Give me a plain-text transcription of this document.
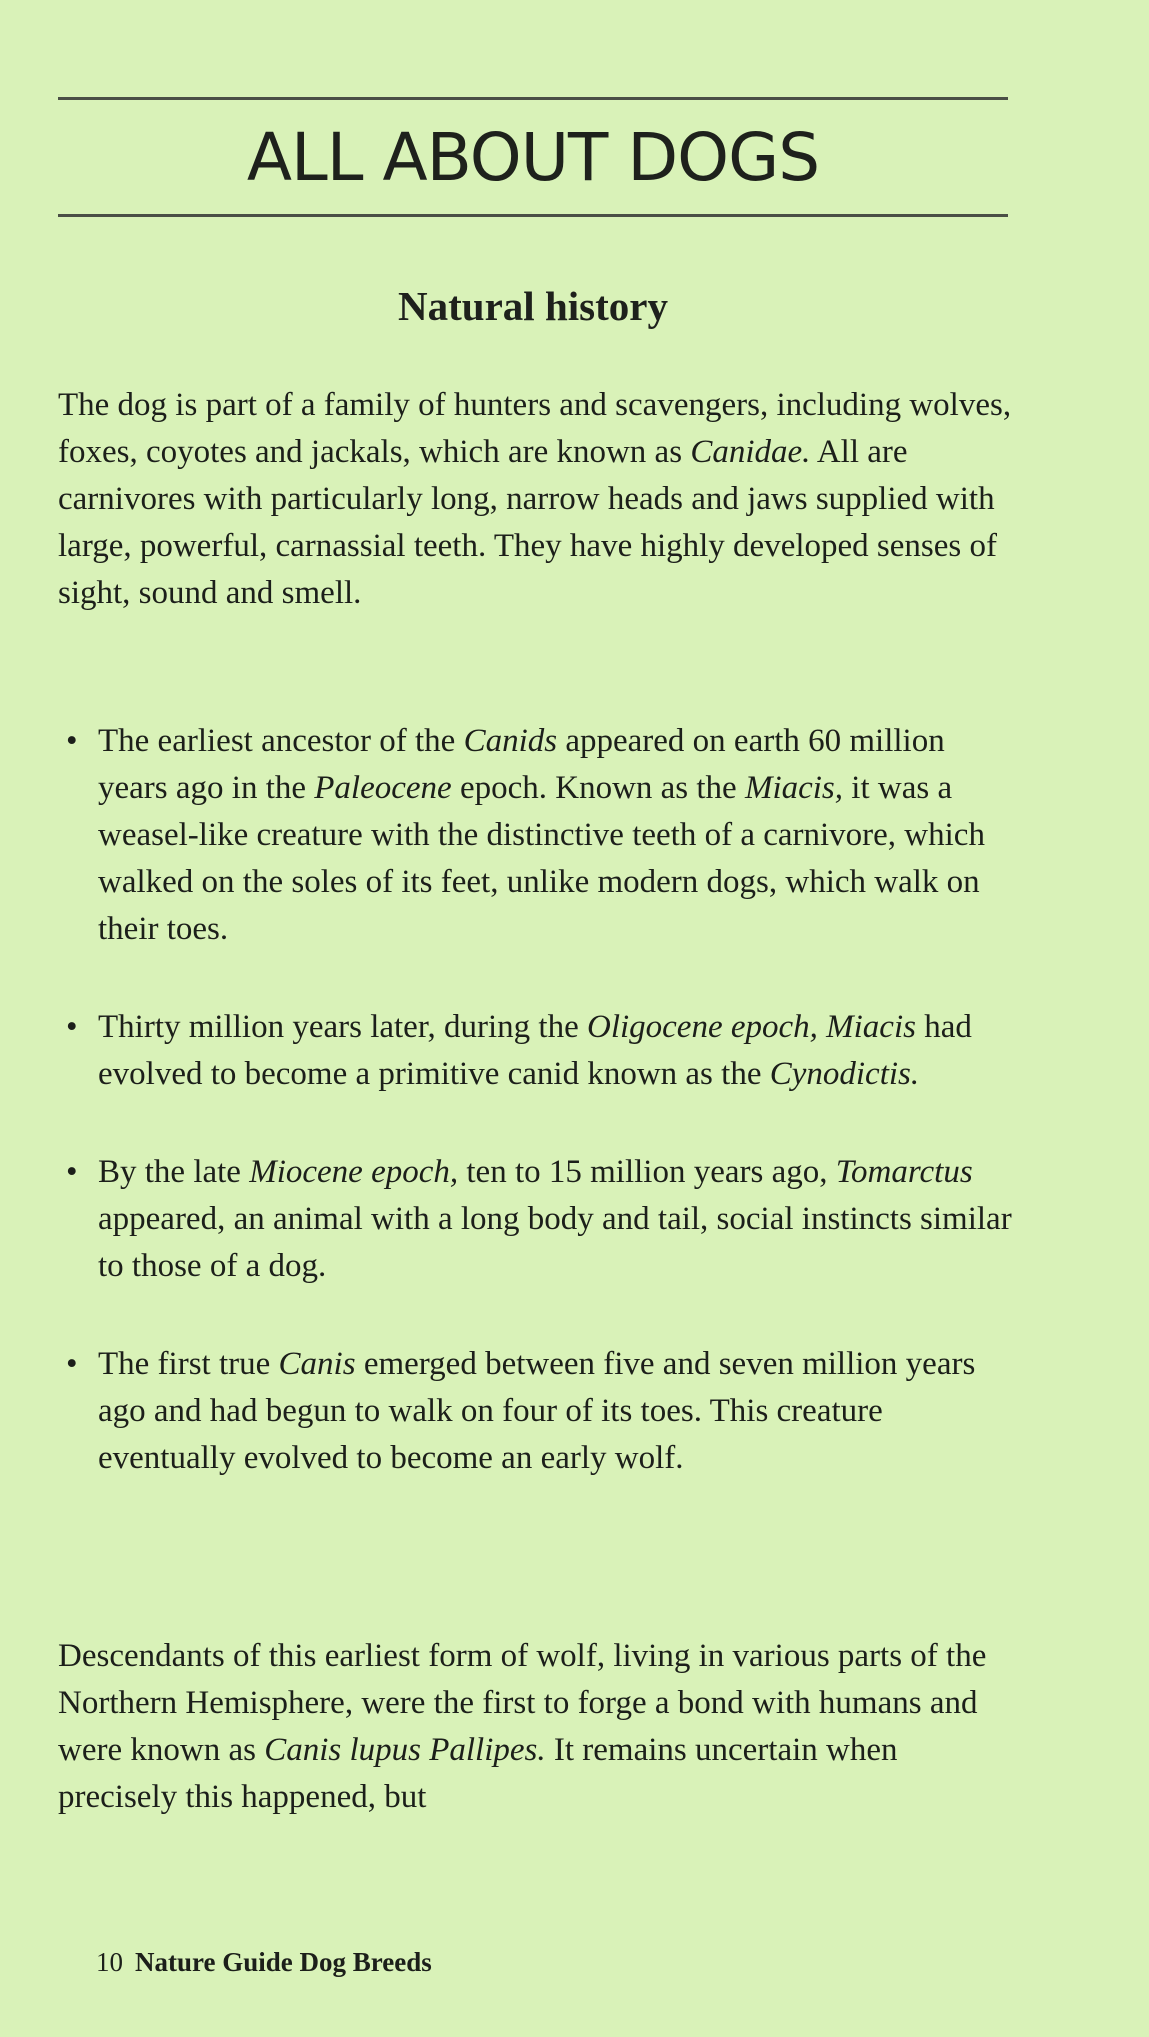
ALL ABOUT DOGS
Natural history

The dog is part of a family of hunters and scavengers, including wolves, foxes, coyotes and jackals, which are known as Canidae. All are carnivores with particularly long, narrow heads and jaws supplied with large, powerful, carnassial teeth. They have highly developed senses of sight, sound and smell.

• The earliest ancestor of the Canids appeared on earth 60 million years ago in the Paleocene epoch. Known as the Miacis, it was a weasel-like creature with the distinctive teeth of a carnivore, which walked on the soles of its feet, unlike modern dogs, which walk on their toes.
• Thirty million years later, during the Oligocene epoch, Miacis had evolved to become a primitive canid known as the Cynodictis.
• By the late Miocene epoch, ten to 15 million years ago, Tomarctus appeared, an animal with a long body and tail, social instincts similar to those of a dog.
• The first true Canis emerged between five and seven million years ago and had begun to walk on four of its toes. This creature eventually evolved to become an early wolf.

Descendants of this earliest form of wolf, living in various parts of the Northern Hemisphere, were the first to forge a bond with humans and were known as Canis lupus Pallipes. It remains uncertain when precisely this happened, but

10 Nature Guide Dog Breeds
